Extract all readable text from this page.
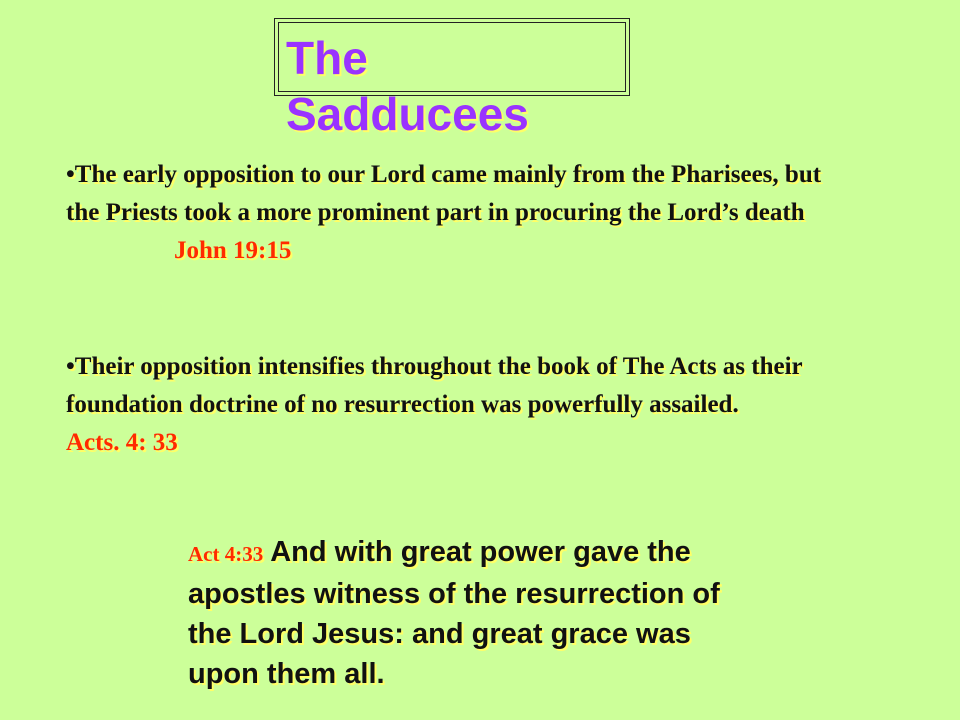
The Sadducees
•The early opposition to our Lord came mainly from the Pharisees, but the Priests took a more prominent part in procuring the Lord’s deathJohn 19:15
•Their opposition intensifies throughout the book of The Acts as their foundation doctrine of no resurrection was powerfully assailed.Acts. 4: 33
Act 4:33 And with great power gave the apostles witness of the resurrection of the Lord Jesus: and great grace was upon them all.
